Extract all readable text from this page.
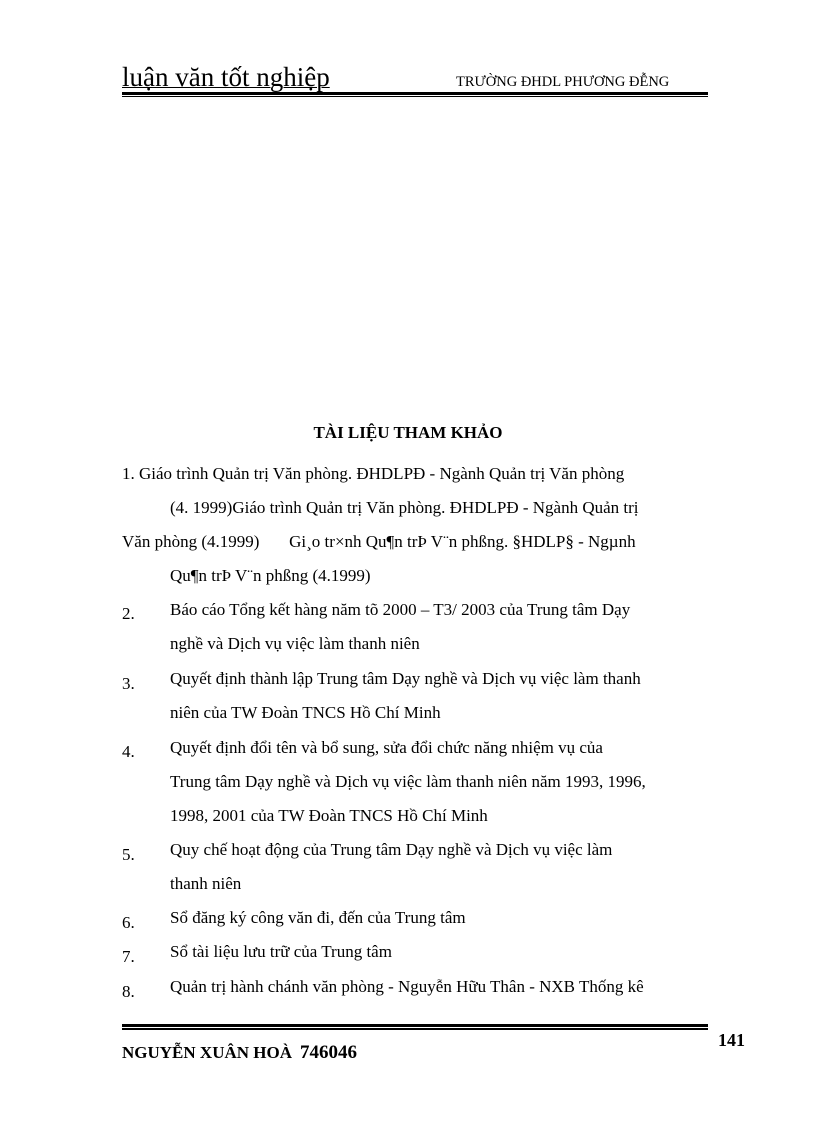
luận văn tốt nghiệp	TRƯỜNG ĐHDL PHƯƠNG ĐỄNG
TÀI LIỆU THAM KHẢO
1. Giáo trình Quản trị Văn phòng. ĐHDLPĐ - Ngành Quản trị Văn phòng
(4. 1999)Giáo trình Quản trị Văn phòng. ĐHDLPĐ - Ngành Quản trị
Văn phòng (4.1999)       Gi¸o tr×nh Qu¶n trÞ V¨n phßng. §HDLP§ - Ngµnh
Qu¶n trÞ V¨n phßng (4.1999)
2. Báo cáo Tổng kết hàng năm tõ 2000 – T3/ 2003 của Trung tâm Dạy
nghề và Dịch vụ việc làm thanh niên
3. Quyết định thành lập Trung tâm Dạy nghề và Dịch vụ việc làm thanh
niên của TW Đoàn TNCS Hồ Chí Minh
4. Quyết định đổi tên và bổ sung, sửa đổi chức năng nhiệm vụ của
Trung tâm Dạy nghề và Dịch vụ việc làm thanh niên năm 1993, 1996,
1998, 2001 của TW Đoàn TNCS Hồ Chí Minh
5. Quy chế hoạt động của Trung tâm Dạy nghề và Dịch vụ việc làm
thanh niên
6. Sổ đăng ký công văn đi, đến của Trung tâm
7. Sổ tài liệu lưu trữ của Trung tâm
8. Quản trị hành chánh văn phòng - Nguyễn Hữu Thân - NXB Thống kê
NGUYỄN XUÂN HOÀ 746046
141
